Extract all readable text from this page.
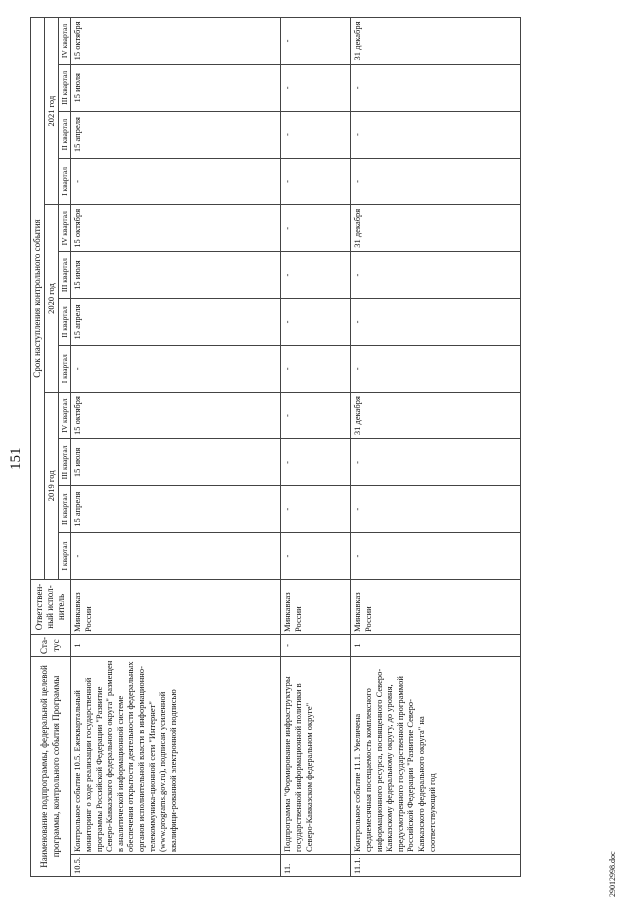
151
Наименование подпрограммы, федеральной целевой программы, контрольного события Программы		Ста-тус	Ответствен-ный испол-нитель	Срок наступления контрольного события											
				2019 год				2020 год				2021 год			
				I квартал	II квартал	III квартал	IV квартал	I квартал	II квартал	III квартал	IV квартал	I квартал	II квартал	III квартал	IV квартал
10.5.	Контрольное событие 10.5. Ежеквартальный мониторинг о ходе реализации государственной программы Российской Федерации "Развитие Северо-Кавказского федерального округа" размещен в аналитической информационной системе обеспечения открытости деятельности федеральных органов исполнительной власти в информационно-телекоммуника-ционной сети "Интернет" (www.programs.gov.ru), подписан усиленной квалифици-рованной электронной подписью	1	Минкавказ России	-	15 апреля	15 июля	15 октября	-	15 апреля	15 июля	15 октября	-	15 апреля	15 июля	15 октября
11.	Подпрограмма "Формирование инфраструктуры государственной информационной политики в Северо-Кавказском федеральном округе"	-	Минкавказ России	-	-	-	-	-	-	-	-	-	-	-	-
11.1.	Контрольное событие 11.1. Увеличена среднемесячная посещаемость комплексного информационного ресурса, посвященного Северо-Кавказскому федеральному округу, до уровня, предусмотренного государственной программой Российской Федерации "Развитие Северо-Кавказского федерального округа" на соответствующий год	1	Минкавказ России	-	-	-	31 декабря	-	-	-	31 декабря	-	-	-	31 декабря
29012998.doc
